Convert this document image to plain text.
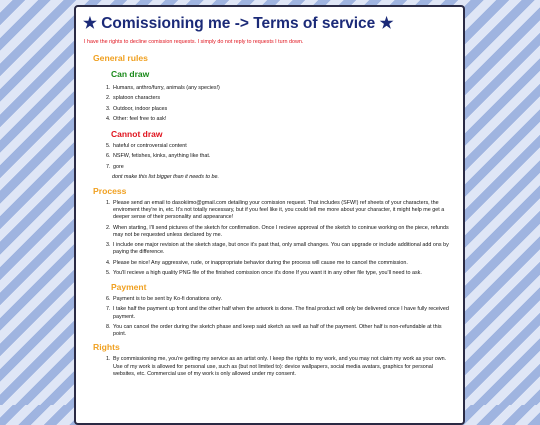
★ Comissioning me -> Terms of service ★
I have the rights to decline comission requests. I simply do not reply to requests I turn down.
General rules
Can draw
1. Humans, anthro/furry, animals (any species!)
2. splatoon characters
3. Outdoor, indoor places
4. Other: feel free to ask!
Cannot draw
5. hateful or controversial content
6. NSFW, fetishes, kinks, anything like that.
7. gore
dont make this list bigger than it needs to be.
Process
1. Please send an email to dasokiimo@gmail.com detailing your comission request. That includes (SFW!) ref sheets of your characters, the enviroment they're in, etc. It's not totally necessary, but if you feel like it, you could tell me more about your character, it might help me get a deeper sense of their personality and appearance!
2. When starting, I'll send pictures of the sketch for confirmation. Once I recieve approval of the sketch to coninue working on the piece, refunds may not be requested unless declared by me.
3. I include one major revision at the sketch stage, but once it's past that, only small changes. You can upgrade or include additional add ons by paying the difference.
4. Please be nice! Any aggressive, rude, or inappropriate behavior during the process will cause me to cancel the commission.
5. You'll recieve a high quality PNG file of the finished comission once it's done If you want it in any other file type, you'll need to ask.
Payment
6. Payment is to be sent by Ko-fi donations only.
7. I take half the payment up front and the other half when the artwork is done. The final product will only be delivered once I have fully received payment.
8. You can cancel the order during the sketch phase and keep said sketch as well as half of the payment. Other half is non-refundable at this point.
Rights
1. By commissioning me, you're getting my service as an artist only. I keep the rights to my work, and you may not claim my work as your own. Use of my work is allowed for personal use, such as (but not limited to): device wallpapers, social media avatars, graphics for personal websites, etc. Commercial use of my work is only allowed under my consent.
